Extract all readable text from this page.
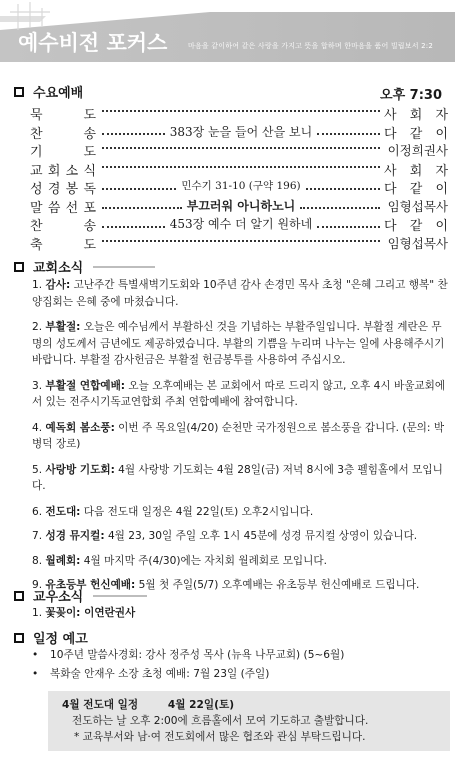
예수비전 포커스	마음을 같이하여 같은 사랑을 가지고 뜻을 합하며 한마음을 품어 빌립보서 2:2
수요예배	오후 7:30
묵	도	사 회 자
찬	송	383장 눈을 들어 산을 보니	다 같 이
기	도	이정희권사
교 회 소 식	사 회 자
성 경 봉 독	민수기 31-10 (구약 196)	다 같 이
말 씀 선 포	부끄러워 아니하노니	임형섭목사
찬	송	453장 예수 더 알기 원하네	다 같 이
축	도	임형섭목사
교회소식
1. 감사: 고난주간 특별새벽기도회와 10주년 감사 손경민 목사 초청 "은혜 그리고 행복" 찬양집회는 은혜 중에 마쳤습니다.
2. 부활절: 오늘은 예수님께서 부활하신 것을 기념하는 부활주일입니다. 부활절 계란은 무명의 성도께서 금년에도 제공하였습니다. 부활의 기쁨을 누리며 나누는 일에 사용해주시기 바랍니다. 부활절 감사헌금은 부활절 헌금봉투를 사용하여 주십시오.
3. 부활절 연합예배: 오늘 오후예배는 본 교회에서 따로 드리지 않고, 오후 4시 바울교회에서 있는 전주시기독교연합회 주최 연합예배에 참여합니다.
4. 예독회 봄소풍: 이번 주 목요일(4/20) 순천만 국가정원으로 봄소풍을 갑니다. (문의: 박병덕 장로)
5. 사랑방 기도회: 4월 사랑방 기도회는 4월 28일(금) 저녁 8시에 3층 펠힘홀에서 모입니다.
6. 전도대: 다음 전도대 일정은 4월 22일(토) 오후2시입니다.
7. 성경 뮤지컬: 4월 23, 30일 주일 오후 1시 45분에 성경 뮤지컬 상영이 있습니다.
8. 월례회: 4월 마지막 주(4/30)에는 자치회 월례회로 모입니다.
9. 유초등부 헌신예배: 5월 첫 주일(5/7) 오후예배는 유초등부 헌신예배로 드립니다.
교우소식
1. 꽃꽂이: 이연란권사
일정 예고
• 10주년 말씀사경회: 강사 정주성 목사 (뉴욕 나무교회) (5~6월)
• 복화술 안재우 소장 초청 예배: 7월 23일 (주일)
4월 전도대 일정	4월 22일(토)
전도하는 날 오후 2:00에 흐름홀에서 모여 기도하고 출발합니다.
* 교육부서와 남·여 전도회에서 많은 협조와 관심 부탁드립니다.
